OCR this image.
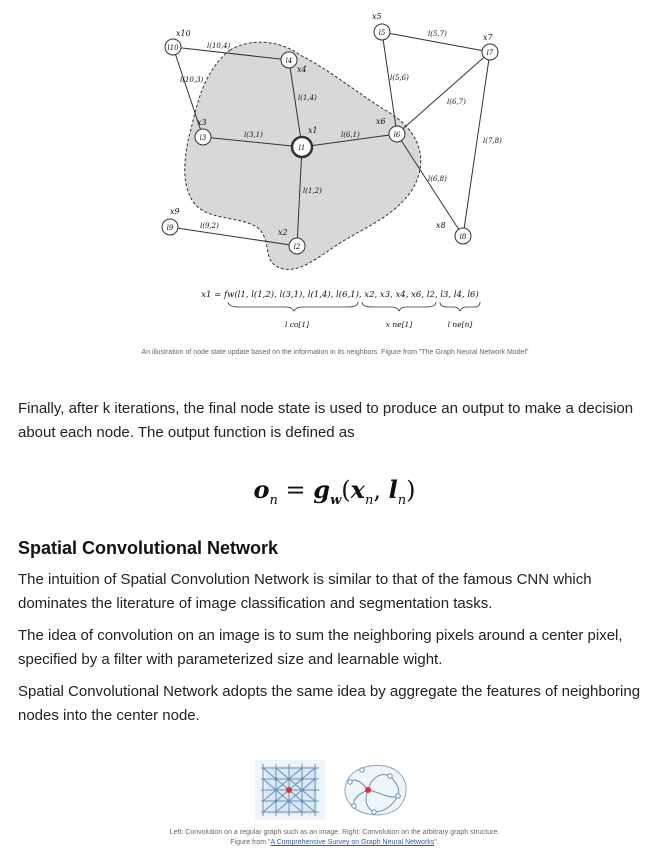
l10
l4
l5
l7
l3
l1
l6
l9
l2
l8
x10
x4
x5
x7
x3
x1
x6
x9
x2
x8
l(10,4)
l(10,3)
l(5,7)
l(5,6)
l(1,4)	l(6,7)
l(3,1)	l(6,1)
l(7,8)
l(6,8)
l(1,2)
l(9,2)
x1 = fw(l1, l(1,2), l(3,1), l(1,4), l(6,1), x2, x3, x4, x6, l2, l3, l4, l6)
l co[1]	x ne[1]	l ne[n]
An illustration of node state update based on the information in its neighbors. Figure from "The Graph Neural Network Model"
Finally, after k iterations, the final node state is used to produce an output to make a decision about each node. The output function is defined as
$o_n = g_w(x_n$, $l_n$)
Spatial Convolutional Network
The intuition of Spatial Convolution Network is similar to that of the famous CNN which dominates the literature of image classification and segmentation tasks.
The idea of convolution on an image is to sum the neighboring pixels around a center pixel, specified by a filter with parameterized size and learnable wight.
Spatial Convolutional Network adopts the same idea by aggregate the features of neighboring nodes into the center node.
Left: Convolution on a regular graph such as an image. Right: Convolution on the arbitrary graph structure.
Figure from "A Comprehensive Survey on Graph Neural Networks".
